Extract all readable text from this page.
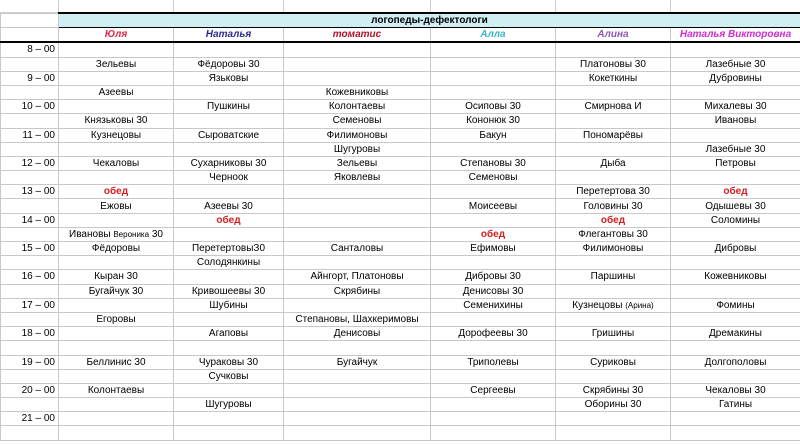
	логопеды-дефектологи					
	Юля	Наталья	томатис	Алла	Алина	Наталья Викторовна
8 – 00						
	Зельевы	Фёдоровы 30			Платоновы 30	Лазебные 30
9 – 00		Язьковы			Кокеткины	Дубровины
	Азеевы		Кожевниковы			
10 – 00		Пушкины	Колонтаевы	Осиповы 30	Смирнова И	Михалевы 30
	Князьковы 30		Семеновы	Кононюк 30		Ивановы
11 – 00	Кузнецовы	Сыроватские	Филимоновы	Бакун	Пономарёвы	
			Шугуровы			Лазебные 30
12 – 00	Чекаловы	Сухарниковы 30	Зельевы	Степановы 30	Дыба	Петровы
		Черноок	Яковлевы	Семеновы		
13 – 00	обед				Перетертова 30	обед
	Ежовы	Азеевы 30		Моисеевы	Головины 30	Одышевы 30
14 – 00		обед			обед	Соломины
	Ивановы Вероника 30			обед	Флегантовы 30	
15 – 00	Фёдоровы	ПеретертовыЗ0	Санталовы	Ефимовы	Филимоновы	Дибровы
		Солодянкины				
16 – 00	Кыран 30		Айнгорт, Платоновы	Дибровы 30	Паршины	Кожевниковы
	Бугайчук 30	Кривошеевы 30	Скрябины	Денисовы 30		
17 – 00		Шубины		Семенихины	Кузнецовы (Арина)	Фомины
	Егоровы		Степановы, Шахкеримовы			
18 – 00		Агаповы	Денисовы	Дорофеевы 30	Гришины	Дремакины

19 – 00	Беллинис 30	Чураковы 30	Бугайчук	Триполевы	Суриковы	Долгополовы
		Сучковы				
20 – 00	Колонтаевы			Сергеевы	Скрябины 30	Чекаловы 30
		Шугуровы			Оборины 30	Гатины
21 – 00						
